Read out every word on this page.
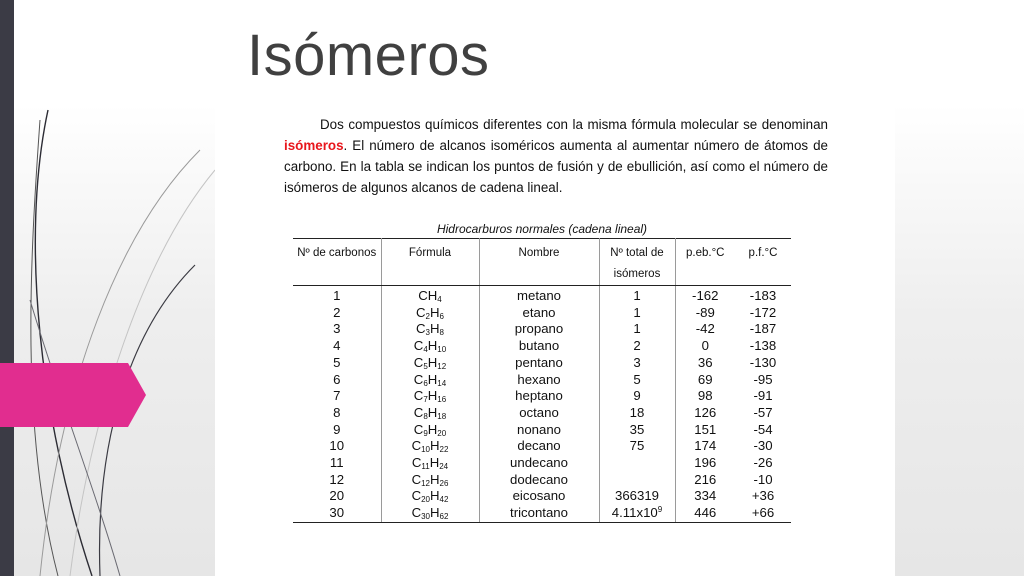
Isómeros
Dos compuestos químicos diferentes con la misma fórmula molecular se denominan isómeros. El número de alcanos isoméricos aumenta al aumentar número de átomos de carbono. En la tabla se indican los puntos de fusión y de ebullición, así como el número de isómeros de algunos alcanos de cadena lineal.
Hidrocarburos normales (cadena lineal)
Nº de carbonos	Fórmula	Nombre	Nº total de isómeros	p.eb.°C	p.f.°C
1	$CH_4$	metano	1	-162	-183
2	$C_2H_6$	etano	1	-89	-172
3	$C_3H_8$	propano	1	-42	-187
4	$C_4H_{10}$	butano	2	0	-138
5	$C_5H_{12}$	pentano	3	36	-130
6	$C_6H_{14}$	hexano	5	69	-95
7	$C_7H_{16}$	heptano	9	98	-91
8	$C_8H_{18}$	octano	18	126	-57
9	$C_9H_{20}$	nonano	35	151	-54
10	$C_{10}H_{22}$	decano	75	174	-30
11	$C_{11}H_{24}$	undecano		196	-26
12	$C_{12}H_{26}$	dodecano		216	-10
20	$C_{20}H_{42}$	eicosano	366319	334	+36
30	$C_{30}H_{62}$	tricontano	$4.11x10^9$	446	+66
